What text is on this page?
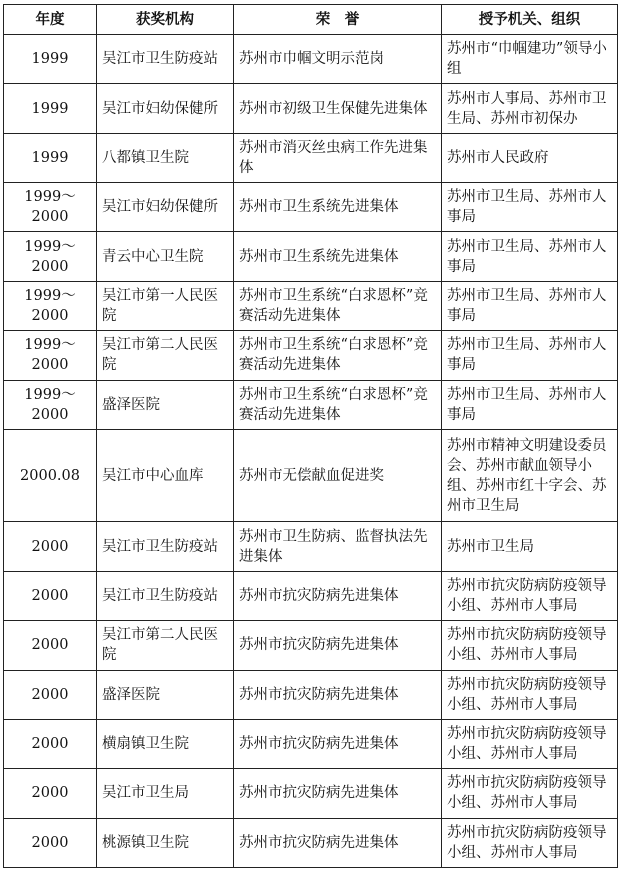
年度	获奖机构	荣　誉	授予机关、组织
1999	吴江市卫生防疫站	苏州市巾帼文明示范岗	苏州市“巾帼建功”领导小组
1999	吴江市妇幼保健所	苏州市初级卫生保健先进集体	苏州市人事局、苏州市卫生局、苏州市初保办
1999	八都镇卫生院	苏州市消灭丝虫病工作先进集体	苏州市人民政府
1999～2000	吴江市妇幼保健所	苏州市卫生系统先进集体	苏州市卫生局、苏州市人事局
1999～2000	青云中心卫生院	苏州市卫生系统先进集体	苏州市卫生局、苏州市人事局
1999～2000	吴江市第一人民医院	苏州市卫生系统“白求恩杯”竞赛活动先进集体	苏州市卫生局、苏州市人事局
1999～2000	吴江市第二人民医院	苏州市卫生系统“白求恩杯”竞赛活动先进集体	苏州市卫生局、苏州市人事局
1999～2000	盛泽医院	苏州市卫生系统“白求恩杯”竞赛活动先进集体	苏州市卫生局、苏州市人事局
2000.08	吴江市中心血库	苏州市无偿献血促进奖	苏州市精神文明建设委员会、苏州市献血领导小组、苏州市红十字会、苏州市卫生局
2000	吴江市卫生防疫站	苏州市卫生防病、监督执法先进集体	苏州市卫生局
2000	吴江市卫生防疫站	苏州市抗灾防病先进集体	苏州市抗灾防病防疫领导小组、苏州市人事局
2000	吴江市第二人民医院	苏州市抗灾防病先进集体	苏州市抗灾防病防疫领导小组、苏州市人事局
2000	盛泽医院	苏州市抗灾防病先进集体	苏州市抗灾防病防疫领导小组、苏州市人事局
2000	横扇镇卫生院	苏州市抗灾防病先进集体	苏州市抗灾防病防疫领导小组、苏州市人事局
2000	吴江市卫生局	苏州市抗灾防病先进集体	苏州市抗灾防病防疫领导小组、苏州市人事局
2000	桃源镇卫生院	苏州市抗灾防病先进集体	苏州市抗灾防病防疫领导小组、苏州市人事局
